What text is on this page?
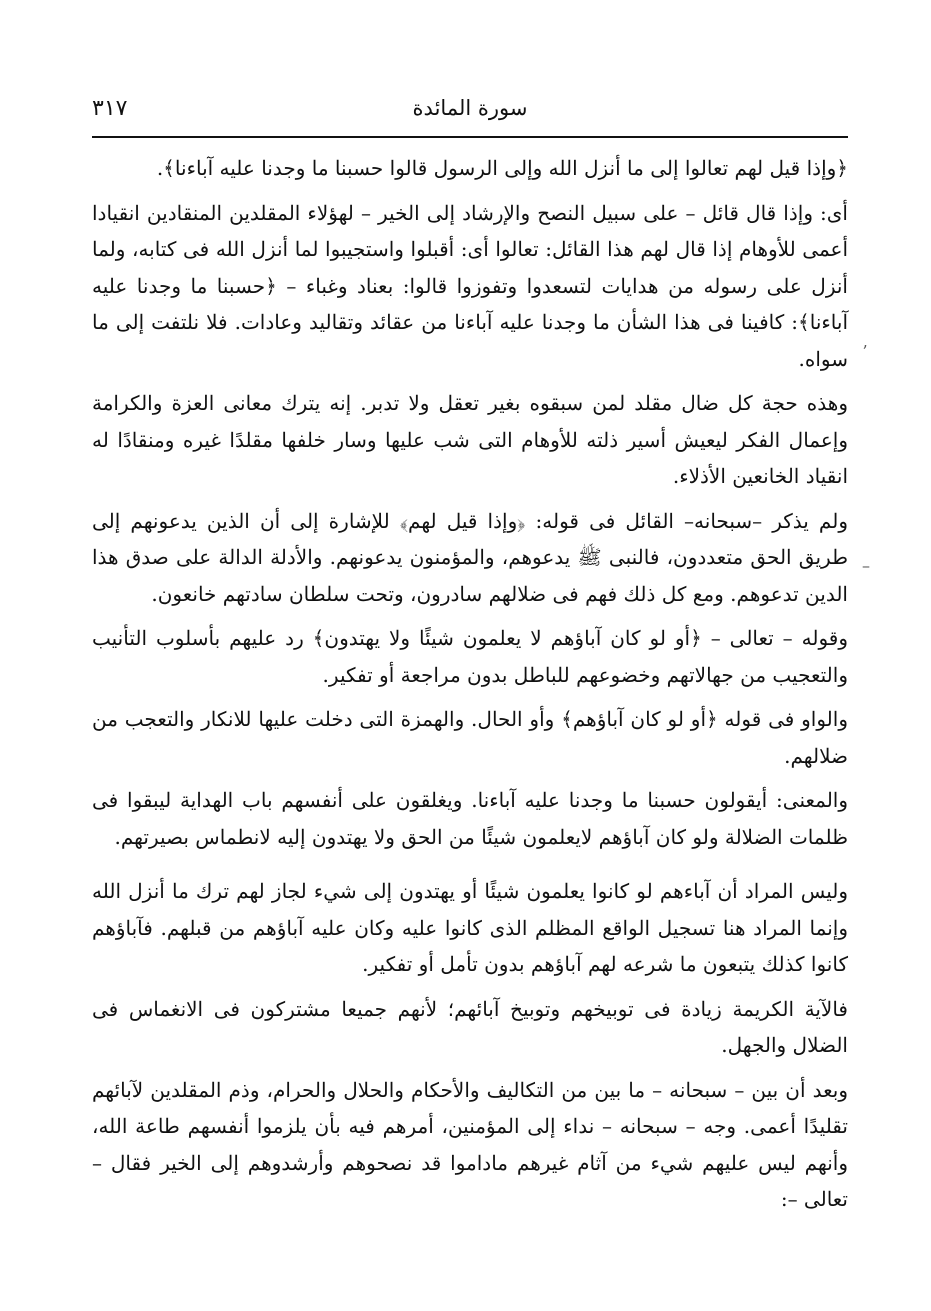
٣١٧	سورة المائدة

﴿وإذا قيل لهم تعالوا إلى ما أنزل الله وإلى الرسول قالوا حسبنا ما وجدنا عليه آباءنا﴾.

أى: وإذا قال قائل – على سبيل النصح والإرشاد إلى الخير – لهؤلاء المقلدين المنقادين انقيادا أعمى للأوهام إذا قال لهم هذا القائل: تعالوا أى: أقبلوا واستجيبوا لما أنزل الله فى كتابه، ولما أنزل على رسوله من هدايات لتسعدوا وتفوزوا قالوا: بعناد وغباء – ﴿حسبنا ما وجدنا عليه آباءنا﴾: كافينا فى هذا الشأن ما وجدنا عليه آباءنا من عقائد وتقاليد وعادات. فلا نلتفت إلى ما سواه.

وهذه حجة كل ضال مقلد لمن سبقوه بغير تعقل ولا تدبر. إنه يترك معانى العزة والكرامة وإعمال الفكر ليعيش أسير ذلته للأوهام التى شب عليها وسار خلفها مقلدًا غيره ومنقادًا له انقياد الخانعين الأذلاء.

ولم يذكر –سبحانه– القائل فى قوله: ﴿وإذا قيل لهم﴾ للإشارة إلى أن الذين يدعونهم إلى طريق الحق متعددون، فالنبى ﷺ يدعوهم، والمؤمنون يدعونهم. والأدلة الدالة على صدق هذا الدين تدعوهم. ومع كل ذلك فهم فى ضلالهم سادرون، وتحت سلطان سادتهم خانعون.

وقوله – تعالى – ﴿أو لو كان آباؤهم لا يعلمون شيئًا ولا يهتدون﴾ رد عليهم بأسلوب التأنيب والتعجيب من جهالاتهم وخضوعهم للباطل بدون مراجعة أو تفكير.

والواو فى قوله ﴿أو لو كان آباؤهم﴾ وأو الحال. والهمزة التى دخلت عليها للانكار والتعجب من ضلالهم.

والمعنى: أيقولون حسبنا ما وجدنا عليه آباءنا. ويغلقون على أنفسهم باب الهداية ليبقوا فى ظلمات الضلالة ولو كان آباؤهم لايعلمون شيئًا من الحق ولا يهتدون إليه لانطماس بصيرتهم.

وليس المراد أن آباءهم لو كانوا يعلمون شيئًا أو يهتدون إلى شيء لجاز لهم ترك ما أنزل الله وإنما المراد هنا تسجيل الواقع المظلم الذى كانوا عليه وكان عليه آباؤهم من قبلهم. فآباؤهم كانوا كذلك يتبعون ما شرعه لهم آباؤهم بدون تأمل أو تفكير.

فالآية الكريمة زيادة فى توبيخهم وتوبيخ آبائهم؛ لأنهم جميعا مشتركون فى الانغماس فى الضلال والجهل.

وبعد أن بين – سبحانه – ما بين من التكاليف والأحكام والحلال والحرام، وذم المقلدين لآبائهم تقليدًا أعمى. وجه – سبحانه – نداء إلى المؤمنين، أمرهم فيه بأن يلزموا أنفسهم طاعة الله، وأنهم ليس عليهم شيء من آثام غيرهم ماداموا قد نصحوهم وأرشدوهم إلى الخير فقال – تعالى –:

ʼ
–
